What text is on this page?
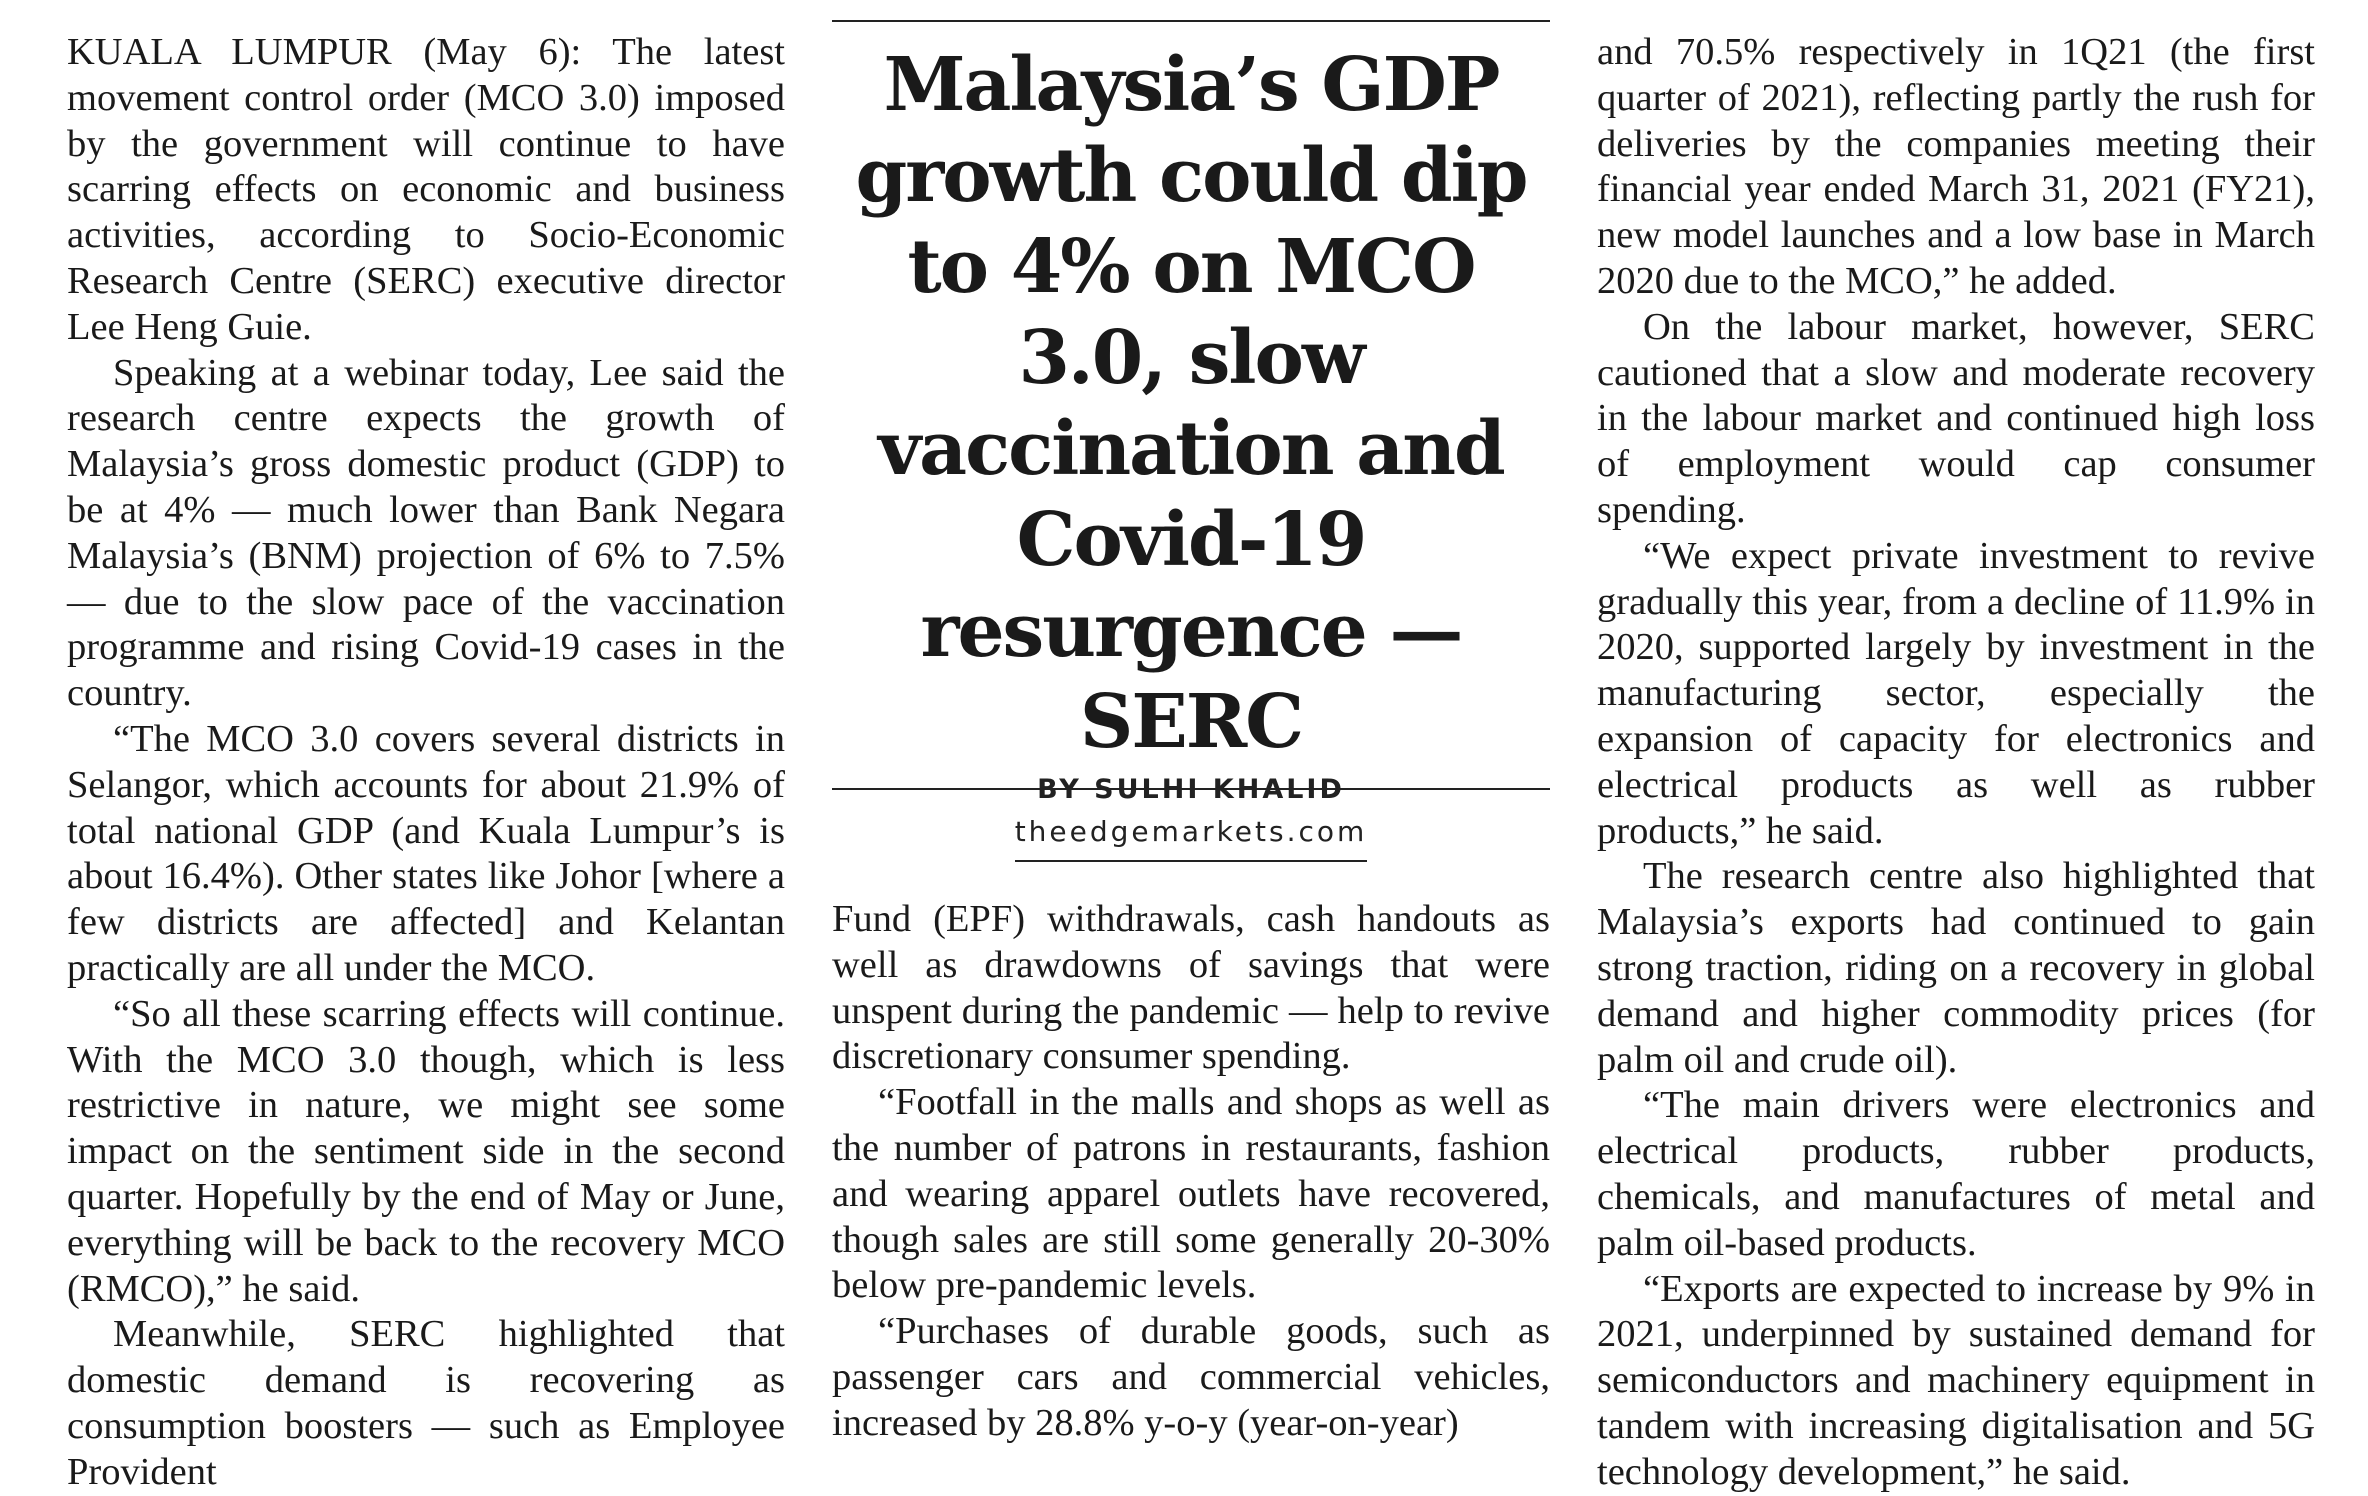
KUALA LUMPUR (May 6): The latest movement control order (MCO 3.0) imposed by the government will continue to have scarring effects on economic and business activities, according to Socio-Economic Research Centre (SERC) executive director Lee Heng Guie.

Speaking at a webinar today, Lee said the research centre expects the growth of Malaysia’s gross domestic product (GDP) to be at 4% — much lower than Bank Negara Malaysia’s (BNM) projection of 6% to 7.5% — due to the slow pace of the vaccination programme and rising Covid-19 cases in the country.

“The MCO 3.0 covers several districts in Selangor, which accounts for about 21.9% of total national GDP (and Kuala Lumpur’s is about 16.4%). Other states like Johor [where a few districts are affected] and Kelantan practically are all under the MCO.

“So all these scarring effects will continue. With the MCO 3.0 though, which is less restrictive in nature, we might see some impact on the sentiment side in the second quarter. Hopefully by the end of May or June, everything will be back to the recovery MCO (RMCO),” he said.

Meanwhile, SERC highlighted that domestic demand is recovering as consumption boosters — such as Employee Provident

Malaysia’s GDP growth could dip to 4% on MCO 3.0, slow vaccination and Covid-19 resurgence — SERC
BY SULHI KHALID
theedgemarkets.com

Fund (EPF) withdrawals, cash handouts as well as drawdowns of savings that were unspent during the pandemic — help to revive discretionary consumer spending.

“Footfall in the malls and shops as well as the number of patrons in restaurants, fashion and wearing apparel outlets have recovered, though sales are still some generally 20-30% below pre-pandemic levels.

“Purchases of durable goods, such as passenger cars and commercial vehicles, increased by 28.8% y-o-y (year-on-year)

and 70.5% respectively in 1Q21 (the first quarter of 2021), reflecting partly the rush for deliveries by the companies meeting their financial year ended March 31, 2021 (FY21), new model launches and a low base in March 2020 due to the MCO,” he added.

On the labour market, however, SERC cautioned that a slow and moderate recovery in the labour market and continued high loss of employment would cap consumer spending.

“We expect private investment to revive gradually this year, from a decline of 11.9% in 2020, supported largely by investment in the manufacturing sector, especially the expansion of capacity for electronics and electrical products as well as rubber products,” he said.

The research centre also highlighted that Malaysia’s exports had continued to gain strong traction, riding on a recovery in global demand and higher commodity prices (for palm oil and crude oil).

“The main drivers were electronics and electrical products, rubber products, chemicals, and manufactures of metal and palm oil-based products.

“Exports are expected to increase by 9% in 2021, underpinned by sustained demand for semiconductors and machinery equipment in tandem with increasing digitalisation and 5G technology development,” he said.
